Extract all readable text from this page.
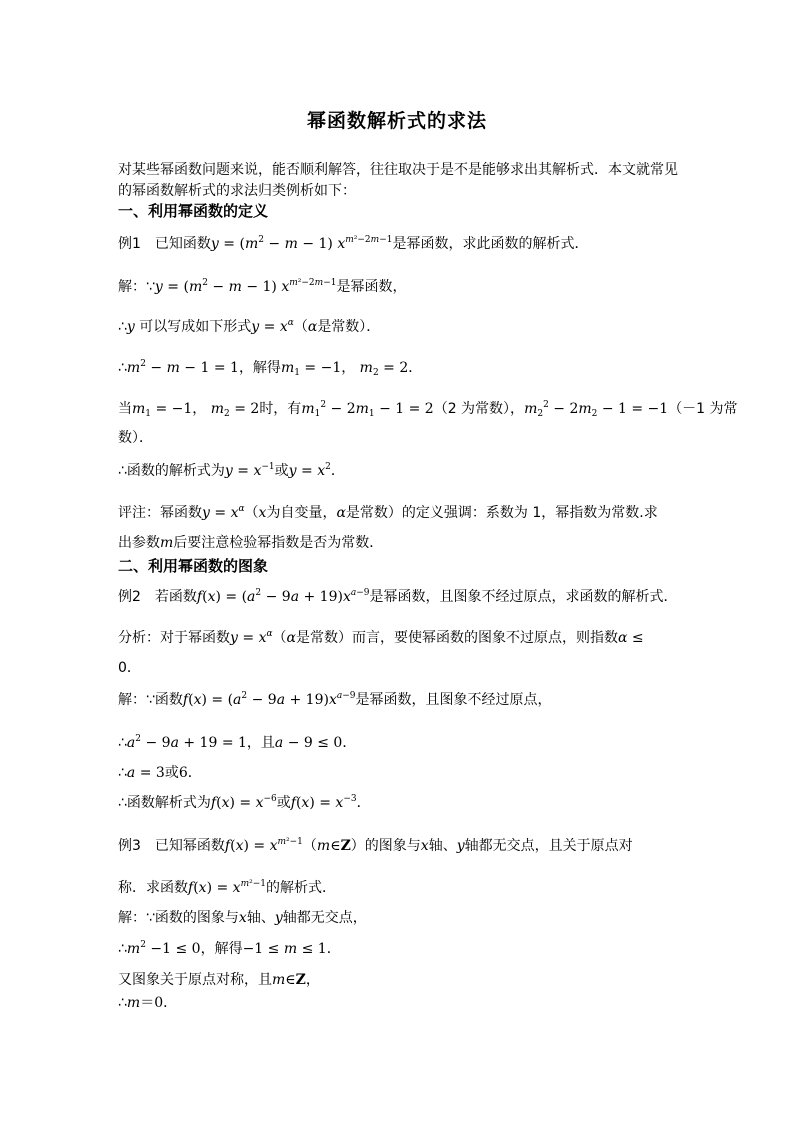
幂函数解析式的求法
对某些幂函数问题来说，能否顺利解答，往往取决于是不是能够求出其解析式．本文就常见
的幂函数解析式的求法归类例析如下：
一、利用幂函数的定义
例1 已知函数$y = (m^2 - m - 1)$ $x^{m^2-2m-1}$是幂函数，求此函数的解析式．
解：∵y = $(m^2 - m - 1)$ $x^{m^2-2m-1}$是幂函数，
∴y 可以写成如下形式$y = x^\alpha(\alpha$是常数）．
$\therefore m^2 - m - 1 = 1$，解得$m_1 = -1$， $m_2 = 2$．
当$m_1 = -1$， $m_2 = 2$时，有$m_1^2 - 2m_1 - 1 = 2(2$ 为常数），$m_2^2 - 2m_2 - 1 = -1(-1$ 为常
数）．
∴函数的解析式为$y = x^{-1}$或$y = x^2$．
评注：幂函数$y = x^\alpha(x$为自变量，α是常数）的定义强调：系数为 1，幂指数为常数.求
出参数m后要注意检验幂指数是否为常数．
二、利用幂函数的图象
例2 若函数$f(x) = (a^2 - 9a + 19)x^{a-9}$是幂函数，且图象不经过原点，求函数的解析式．
分析：对于幂函数$y = x^\alpha(\alpha$是常数）而言，要使幂函数的图象不过原点，则指数α ≤
0．
解：∵函数$f(x) = (a^2 - 9a + 19)x^{a-9}$是幂函数，且图象不经过原点，
$\therefore a^2 - 9a + 19 = 1$，且a − 9 ≤ 0．
∴a = 3或6．
∴函数解析式为$f(x) = x^{-6}$或$f(x) = x^{-3}$．
例3 已知幂函数$f(x) = x^{m^2-1}(m\in Z)$的图象与x轴、y轴都无交点，且关于原点对
称．求函数$f(x) = x^{m^2-1}$的解析式．
解：∵函数的图象与x轴、y轴都无交点，
$\therefore m^2 -1 \le 0$，解得−1 ≤ m ≤ 1．
又图象关于原点对称，且m∈Z，
∴m＝0．
